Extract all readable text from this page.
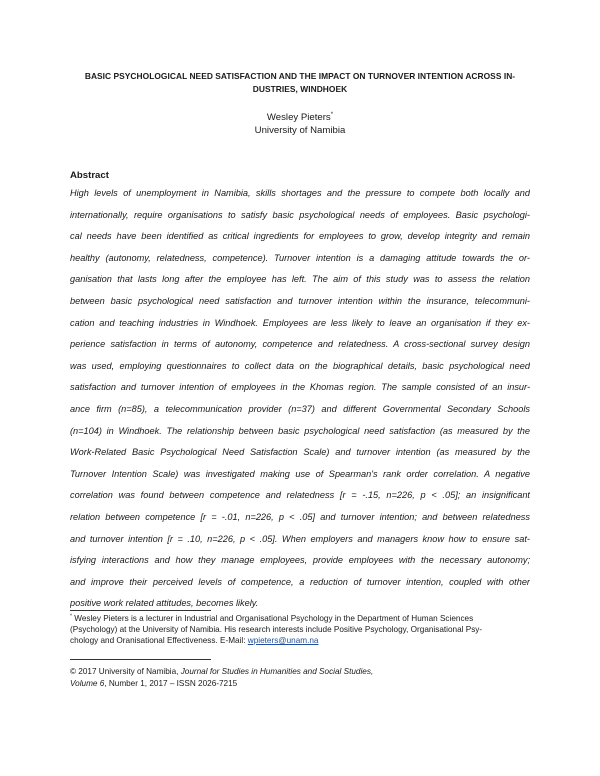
BASIC PSYCHOLOGICAL NEED SATISFACTION AND THE IMPACT ON TURNOVER INTENTION ACROSS IN-
DUSTRIES, WINDHOEK
Wesley Pieters*
University of Namibia
Abstract
High levels of unemployment in Namibia, skills shortages and the pressure to compete both locally and
internationally, require organisations to satisfy basic psychological needs of employees. Basic psychologi-
cal needs have been identified as critical ingredients for employees to grow, develop integrity and remain
healthy (autonomy, relatedness, competence). Turnover intention is a damaging attitude towards the or-
ganisation that lasts long after the employee has left. The aim of this study was to assess the relation
between basic psychological need satisfaction and turnover intention within the insurance, telecommuni-
cation and teaching industries in Windhoek. Employees are less likely to leave an organisation if they ex-
perience satisfaction in terms of autonomy, competence and relatedness. A cross-sectional survey design
was used, employing questionnaires to collect data on the biographical details, basic psychological need
satisfaction and turnover intention of employees in the Khomas region. The sample consisted of an insur-
ance firm (n=85), a telecommunication provider (n=37) and different Governmental Secondary Schools
(n=104) in Windhoek. The relationship between basic psychological need satisfaction (as measured by the
Work-Related Basic Psychological Need Satisfaction Scale) and turnover intention (as measured by the
Turnover Intention Scale) was investigated making use of Spearman's rank order correlation. A negative
correlation was found between competence and relatedness [r = -.15, n=226, p < .05]; an insignificant
relation between competence [r = -.01, n=226, p < .05] and turnover intention; and between relatedness
and turnover intention [r = .10, n=226, p < .05]. When employers and managers know how to ensure sat-
isfying interactions and how they manage employees, provide employees with the necessary autonomy;
and improve their perceived levels of competence, a reduction of turnover intention, coupled with other
positive work related attitudes, becomes likely.
* Wesley Pieters is a lecturer in Industrial and Organisational Psychology in the Department of Human Sciences
(Psychology) at the University of Namibia. His research interests include Positive Psychology, Organisational Psy-
chology and Oranisational Effectiveness. E-Mail: wpieters@unam.na
© 2017 University of Namibia, Journal for Studies in Humanities and Social Studies,
Volume 6, Number 1, 2017 – ISSN 2026-7215
